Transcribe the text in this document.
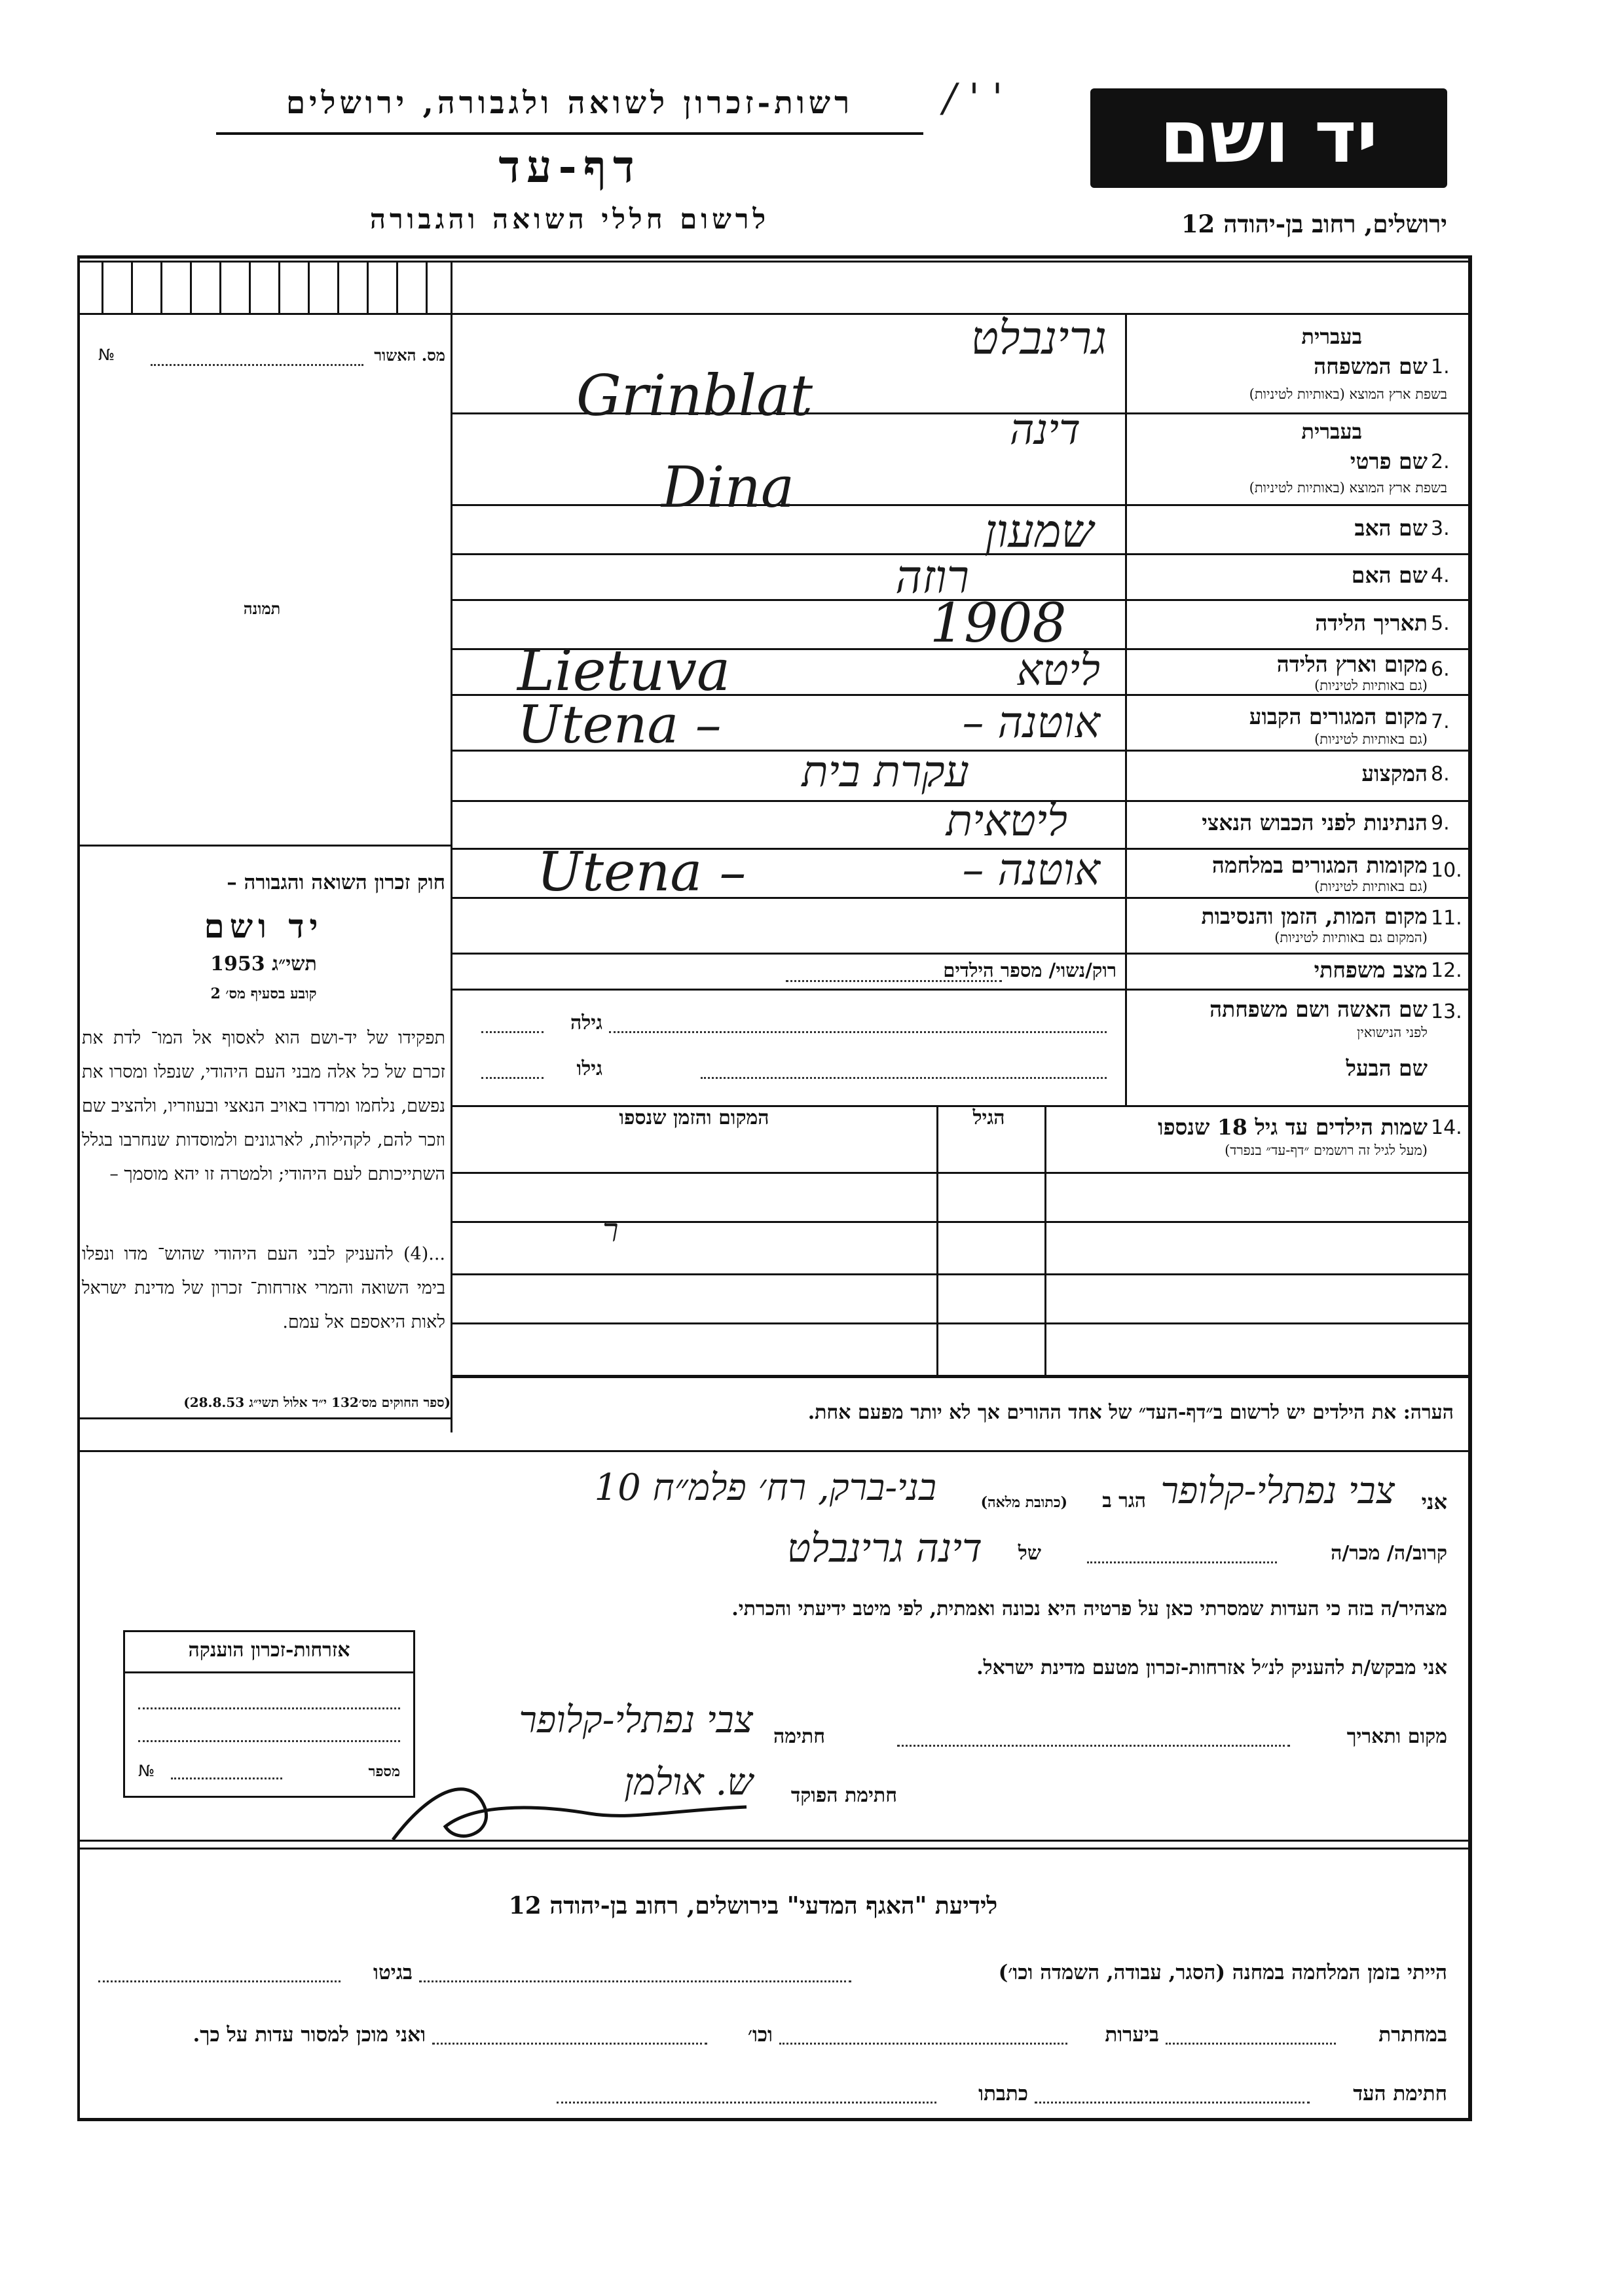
יד ושם
/ ' '
רשות-זכרון לשואה ולגבורה, ירושלים
דף-עד
לרשום חללי השואה והגבורה	ירושלים, רחוב בן-יהודה 12
מס. האשור
№
תמונה
חוק זכרון השואה והגבורה –
יד ושם
תשי״ג 1953
קובע בסעיף מס׳ 2
תפקידו של יד-ושם הוא לאסוף אל המו־ לדת את זכרם של כל אלה מבני העם היהודי, שנפלו ומסרו את נפשם, נלחמו ומרדו באויב הנאצי ובעוזריו, ולהציב שם וזכר להם, לקהילות, לארגונים ולמוסדות שנחרבו בגלל השתייכותם לעם היהודי; ולמטרה זו יהא מוסמך –
...(4) להעניק לבני העם היהודי שהוש־ מדו ונפלו בימי השואה והמרי אזרחות־ זכרון של מדינת ישראל לאות היאספם אל עמם.
(ספר החוקים מס׳132 י״ד אלול תשי״ג 28.8.53)
בעברית
1.
שם המשפחה
בשפת ארץ המוצא (באותיות לטיניות)
גרינבלט
Grinblat
בעברית
2.
שם פרטי
בשפת ארץ המוצא (באותיות לטיניות)
דינה
Dina
3.
שם האב
שמעון
4.
שם האם
רוזה
5.
תאריך הלידה
1908
6.
מקום וארץ הלידה
(גם באותיות לטיניות)
ליטא
Lietuva
7.
מקום המגורים הקבוע
(גם באותיות לטיניות)
אוטנה –
Utena –
8.
המקצוע
עקרת בית
9.
הנתינות לפני הכבוש הנאצי
ליטאית
10.
מקומות המגורים במלחמה
(גם באותיות לטיניות)
אוטנה –
Utena –
11.
מקום המות, הזמן והנסיבות
(המקום גם באותיות לטיניות)
12.
מצב משפחתי
רוק/נשוי/ מספר הילדים
13.
שם האשה ושם משפחתה
לפני הנישואין
גילה
שם הבעל
גילו
14.
שמות הילדים עד גיל 18 שנספו
(מעל לגיל זה רושמים ״דף-עד״ בנפרד)
הגיל
המקום והזמן שנספו
ר
הערה: את הילדים יש לרשום ב״דף-העד״ של אחד ההורים אך לא יותר מפעם אחת.
אני
צבי נפתלי-קלופר
הגר ב
(כתובת מלאה)
בני-ברק, רח׳ פלמ״ח 10
קרוב/ה/ מכר/ה
של
דינה גרינבלט
מצהיר/ה בזה כי העדות שמסרתי כאן על פרטיה היא נכונה ואמתית, לפי מיטב ידיעתי והכרתי.
אני מבקש/ת להעניק לנ״ל אזרחות-זכרון מטעם מדינת ישראל.
מקום ותאריך
חתימה
צבי נפתלי-קלופר
חתימת הפוקד
ש. אולמן
אזרחות-זכרון הוענקה
מספר
№
לידיעת "האגף המדעי" בירושלים, רחוב בן-יהודה 12
הייתי בזמן המלחמה במחנה (הסגר, עבודה, השמדה וכו׳)
בגיטו
במחתרת
ביערות
וכו׳
ואני מוכן למסור עדות על כך.
חתימת העד
כתבתו
